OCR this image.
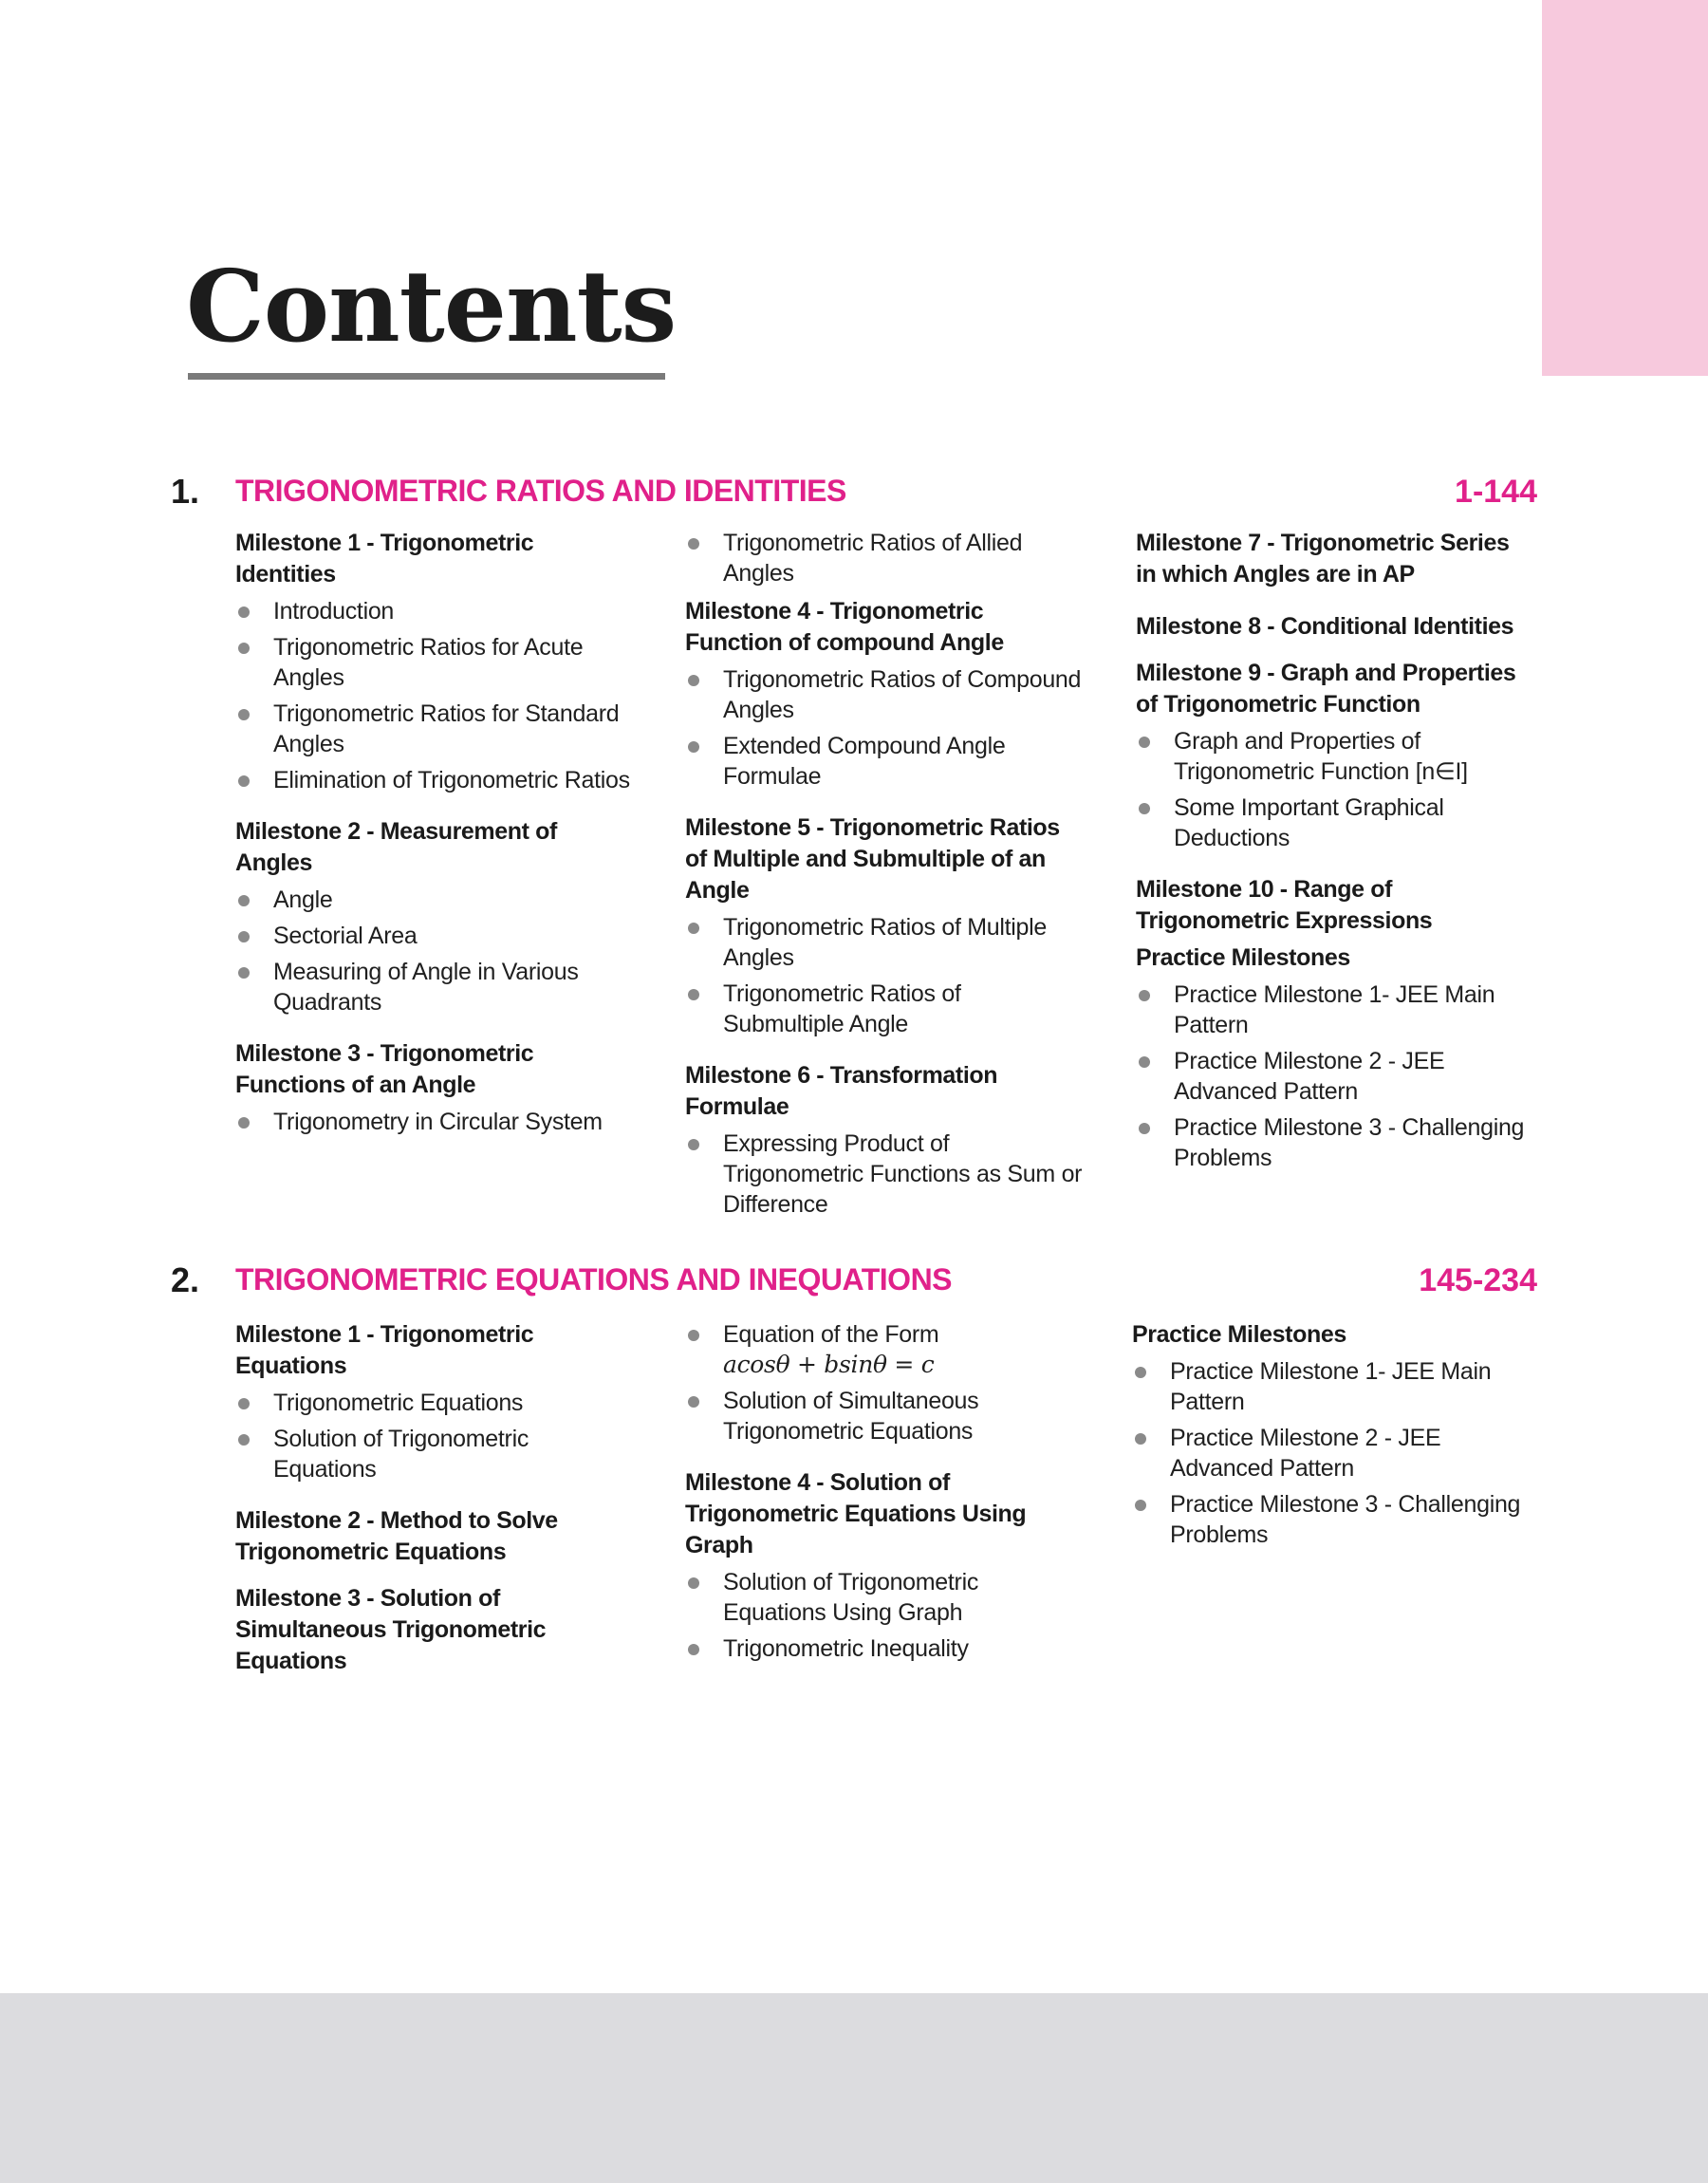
Contents
1. TRIGONOMETRIC RATIOS AND IDENTITIES	1-144
Milestone 1 - Trigonometric Identities
Introduction
Trigonometric Ratios for Acute Angles
Trigonometric Ratios for Standard Angles
Elimination of Trigonometric Ratios
Milestone 2 - Measurement of Angles
Angle
Sectorial Area
Measuring of Angle in Various Quadrants
Milestone 3 - Trigonometric Functions of an Angle
Trigonometry in Circular System
Trigonometric Ratios of Allied Angles
Milestone 4 - Trigonometric Function of compound Angle
Trigonometric Ratios of Compound Angles
Extended Compound Angle Formulae
Milestone 5 - Trigonometric Ratios of Multiple and Submultiple of an Angle
Trigonometric Ratios of Multiple Angles
Trigonometric Ratios of Submultiple Angle
Milestone 6 - Transformation Formulae
Expressing Product of Trigonometric Functions as Sum or Difference
Milestone 7 - Trigonometric Series in which Angles are in AP
Milestone 8 - Conditional Identities
Milestone 9 - Graph and Properties of Trigonometric Function
Graph and Properties of Trigonometric Function [n∈I]
Some Important Graphical Deductions
Milestone 10 - Range of Trigonometric Expressions
Practice Milestones
Practice Milestone 1- JEE Main Pattern
Practice Milestone 2 - JEE Advanced Pattern
Practice Milestone 3 - Challenging Problems
2. TRIGONOMETRIC EQUATIONS AND INEQUATIONS	145-234
Milestone 1 - Trigonometric Equations
Trigonometric Equations
Solution of Trigonometric Equations
Milestone 2 - Method to Solve Trigonometric Equations
Milestone 3 - Solution of Simultaneous Trigonometric Equations
Equation of the Form
acosθ + bsinθ = c
Solution of Simultaneous Trigonometric Equations
Milestone 4 - Solution of Trigonometric Equations Using Graph
Solution of Trigonometric Equations Using Graph
Trigonometric Inequality
Practice Milestones
Practice Milestone 1- JEE Main Pattern
Practice Milestone 2 - JEE Advanced Pattern
Practice Milestone 3 - Challenging Problems
